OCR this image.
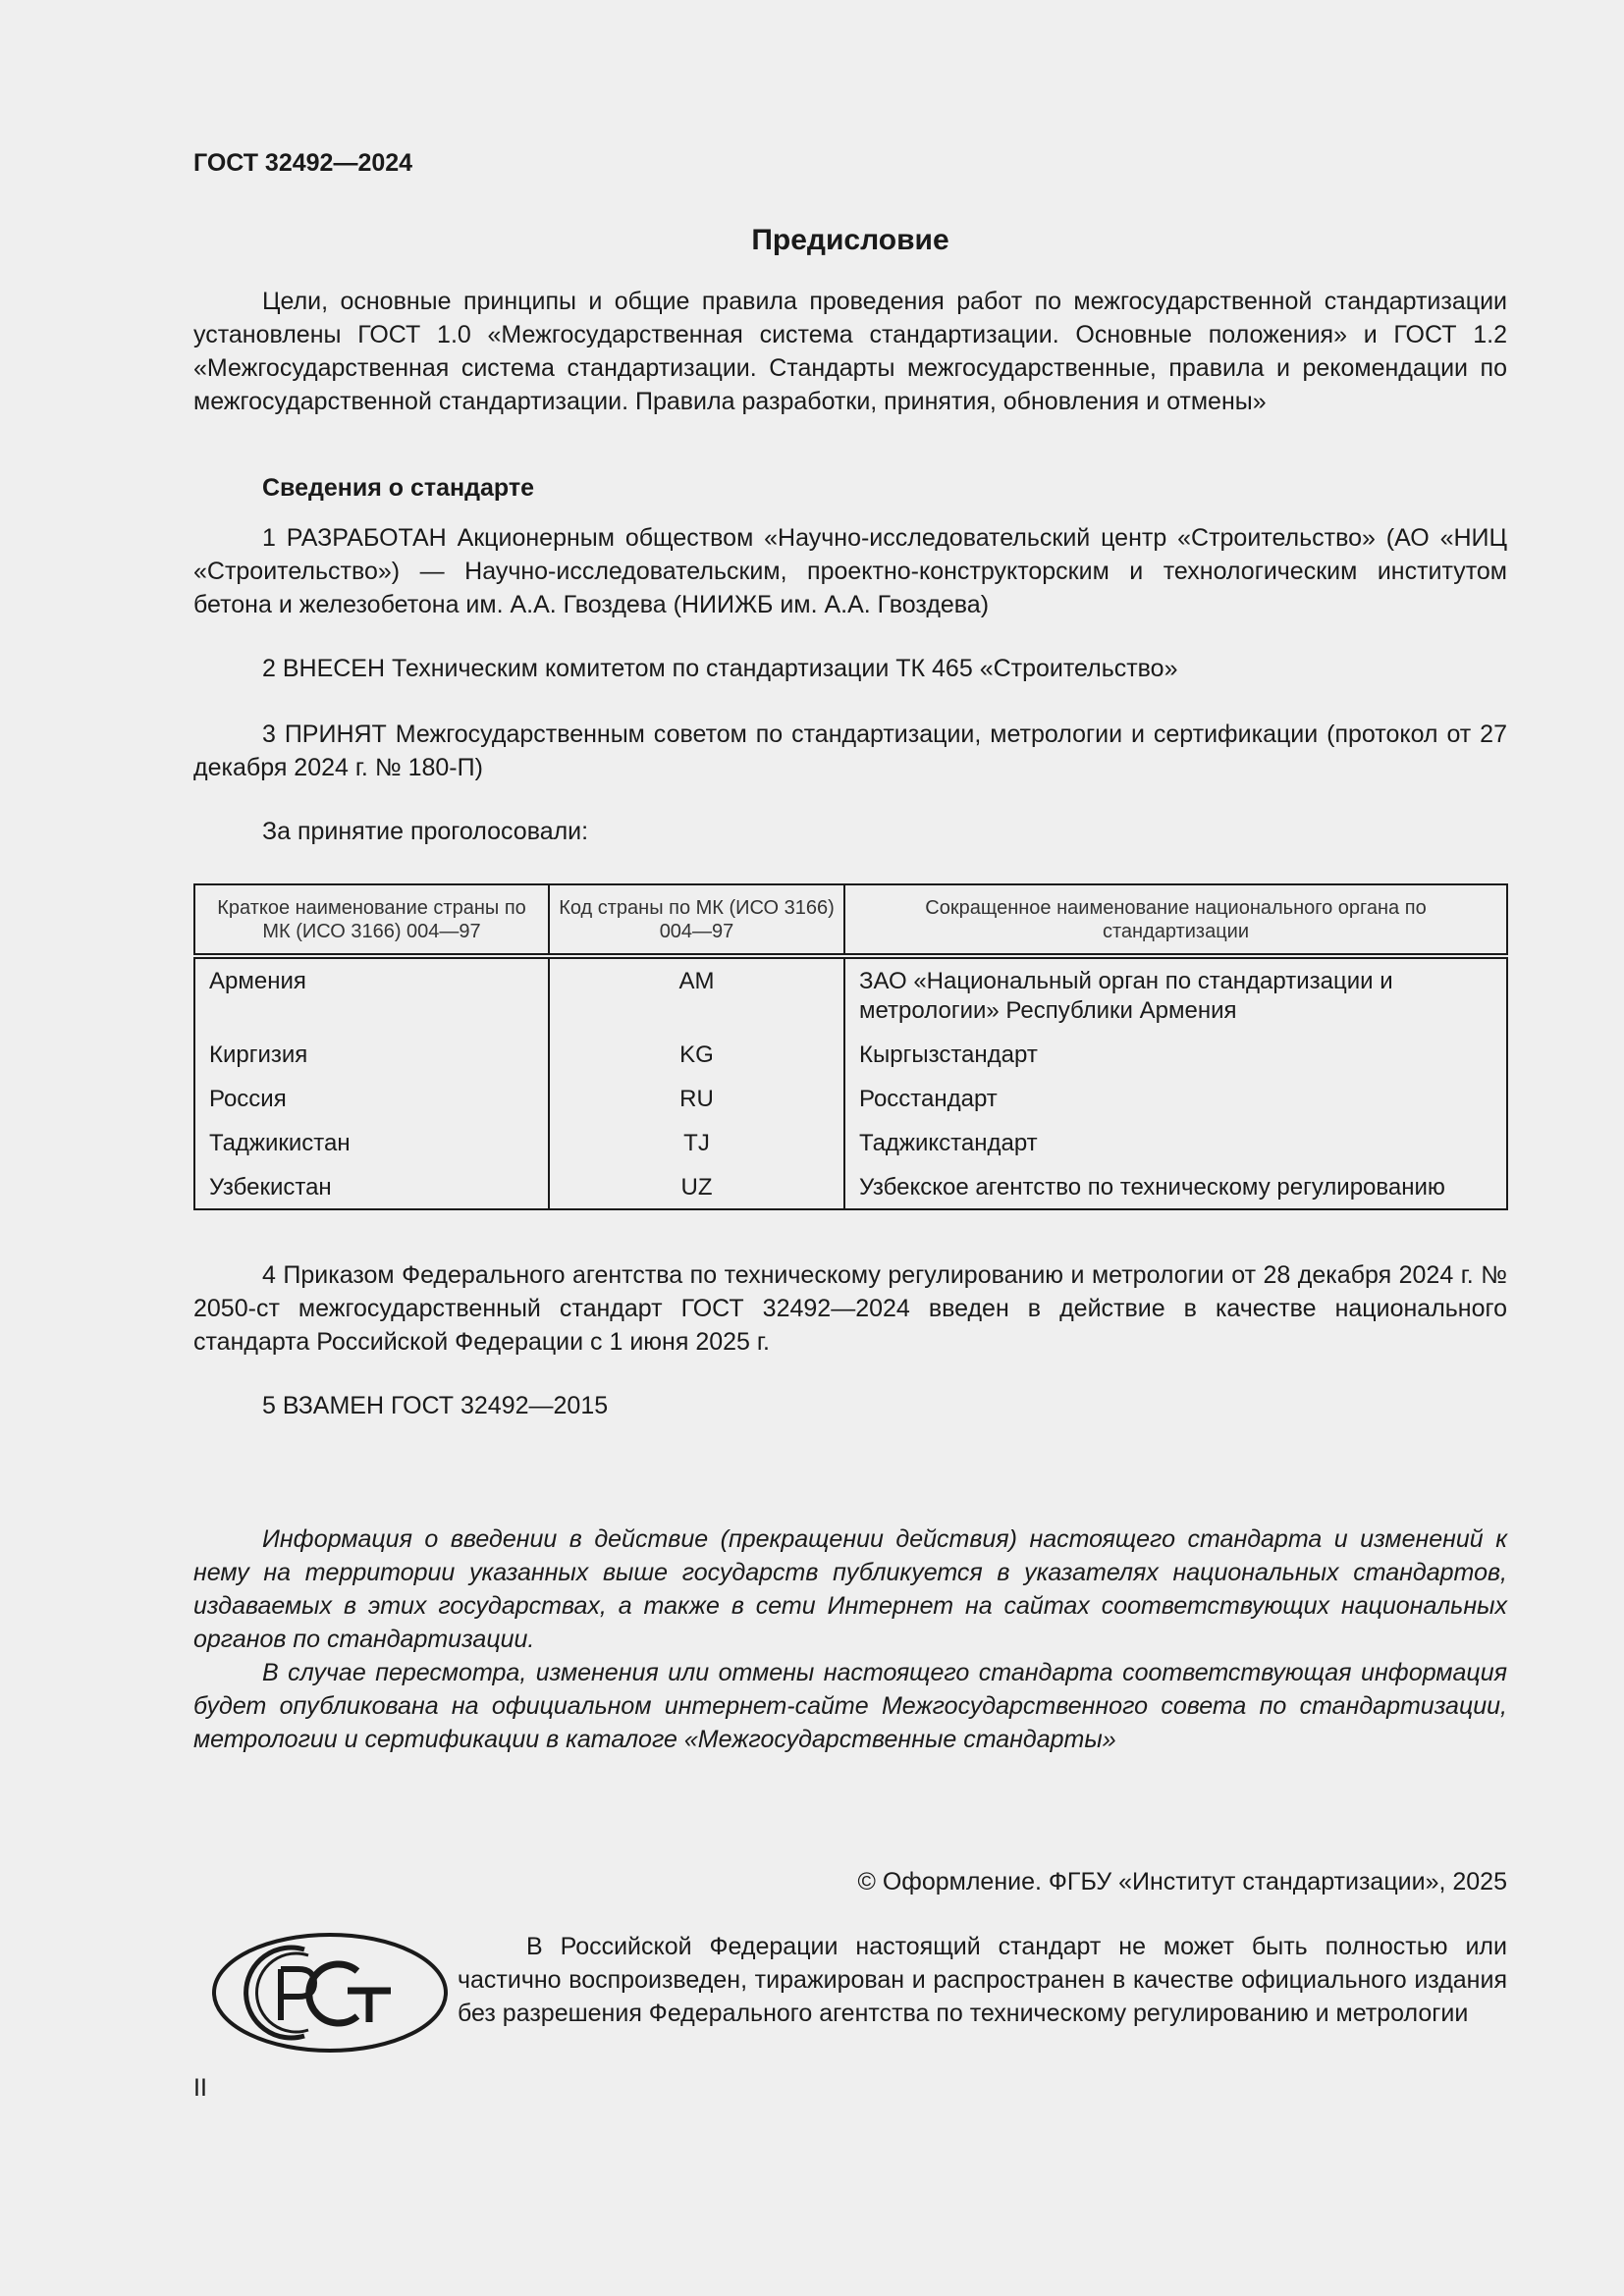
ГОСТ 32492—2024
Предисловие

Цели, основные принципы и общие правила проведения работ по межгосударственной стандартизации установлены ГОСТ 1.0 «Межгосударственная система стандартизации. Основные положения» и ГОСТ 1.2 «Межгосударственная система стандартизации. Стандарты межгосударственные, правила и рекомендации по межгосударственной стандартизации. Правила разработки, принятия, обновления и отмены»

Сведения о стандарте

1 РАЗРАБОТАН Акционерным обществом «Научно-исследовательский центр «Строительство» (АО «НИЦ «Строительство») — Научно-исследовательским, проектно-конструкторским и технологическим институтом бетона и железобетона им. А.А. Гвоздева (НИИЖБ им. А.А. Гвоздева)

2 ВНЕСЕН Техническим комитетом по стандартизации ТК 465 «Строительство»

3 ПРИНЯТ Межгосударственным советом по стандартизации, метрологии и сертификации (протокол от 27 декабря 2024 г. № 180-П)

За принятие проголосовали:

Краткое наименование страны по МК (ИСО 3166) 004—97	Код страны по МК (ИСО 3166) 004—97	Сокращенное наименование национального органа по стандартизации
Армения	AM	ЗАО «Национальный орган по стандартизации и метрологии» Республики Армения
Киргизия	KG	Кыргызстандарт
Россия	RU	Росстандарт
Таджикистан	TJ	Таджикстандарт
Узбекистан	UZ	Узбекское агентство по техническому регулированию

4 Приказом Федерального агентства по техническому регулированию и метрологии от 28 декабря 2024 г. № 2050-ст межгосударственный стандарт ГОСТ 32492—2024 введен в действие в качестве национального стандарта Российской Федерации с 1 июня 2025 г.

5 ВЗАМЕН ГОСТ 32492—2015

Информация о введении в действие (прекращении действия) настоящего стандарта и изменений к нему на территории указанных выше государств публикуется в указателях национальных стандартов, издаваемых в этих государствах, а также в сети Интернет на сайтах соответствующих национальных органов по стандартизации.

В случае пересмотра, изменения или отмены настоящего стандарта соответствующая информация будет опубликована на официальном интернет-сайте Межгосударственного совета по стандартизации, метрологии и сертификации в каталоге «Межгосударственные стандарты»

© Оформление. ФГБУ «Институт стандартизации», 2025

В Российской Федерации настоящий стандарт не может быть полностью или частично воспроизведен, тиражирован и распространен в качестве официального издания без разрешения Федерального агентства по техническому регулированию и метрологии

II
